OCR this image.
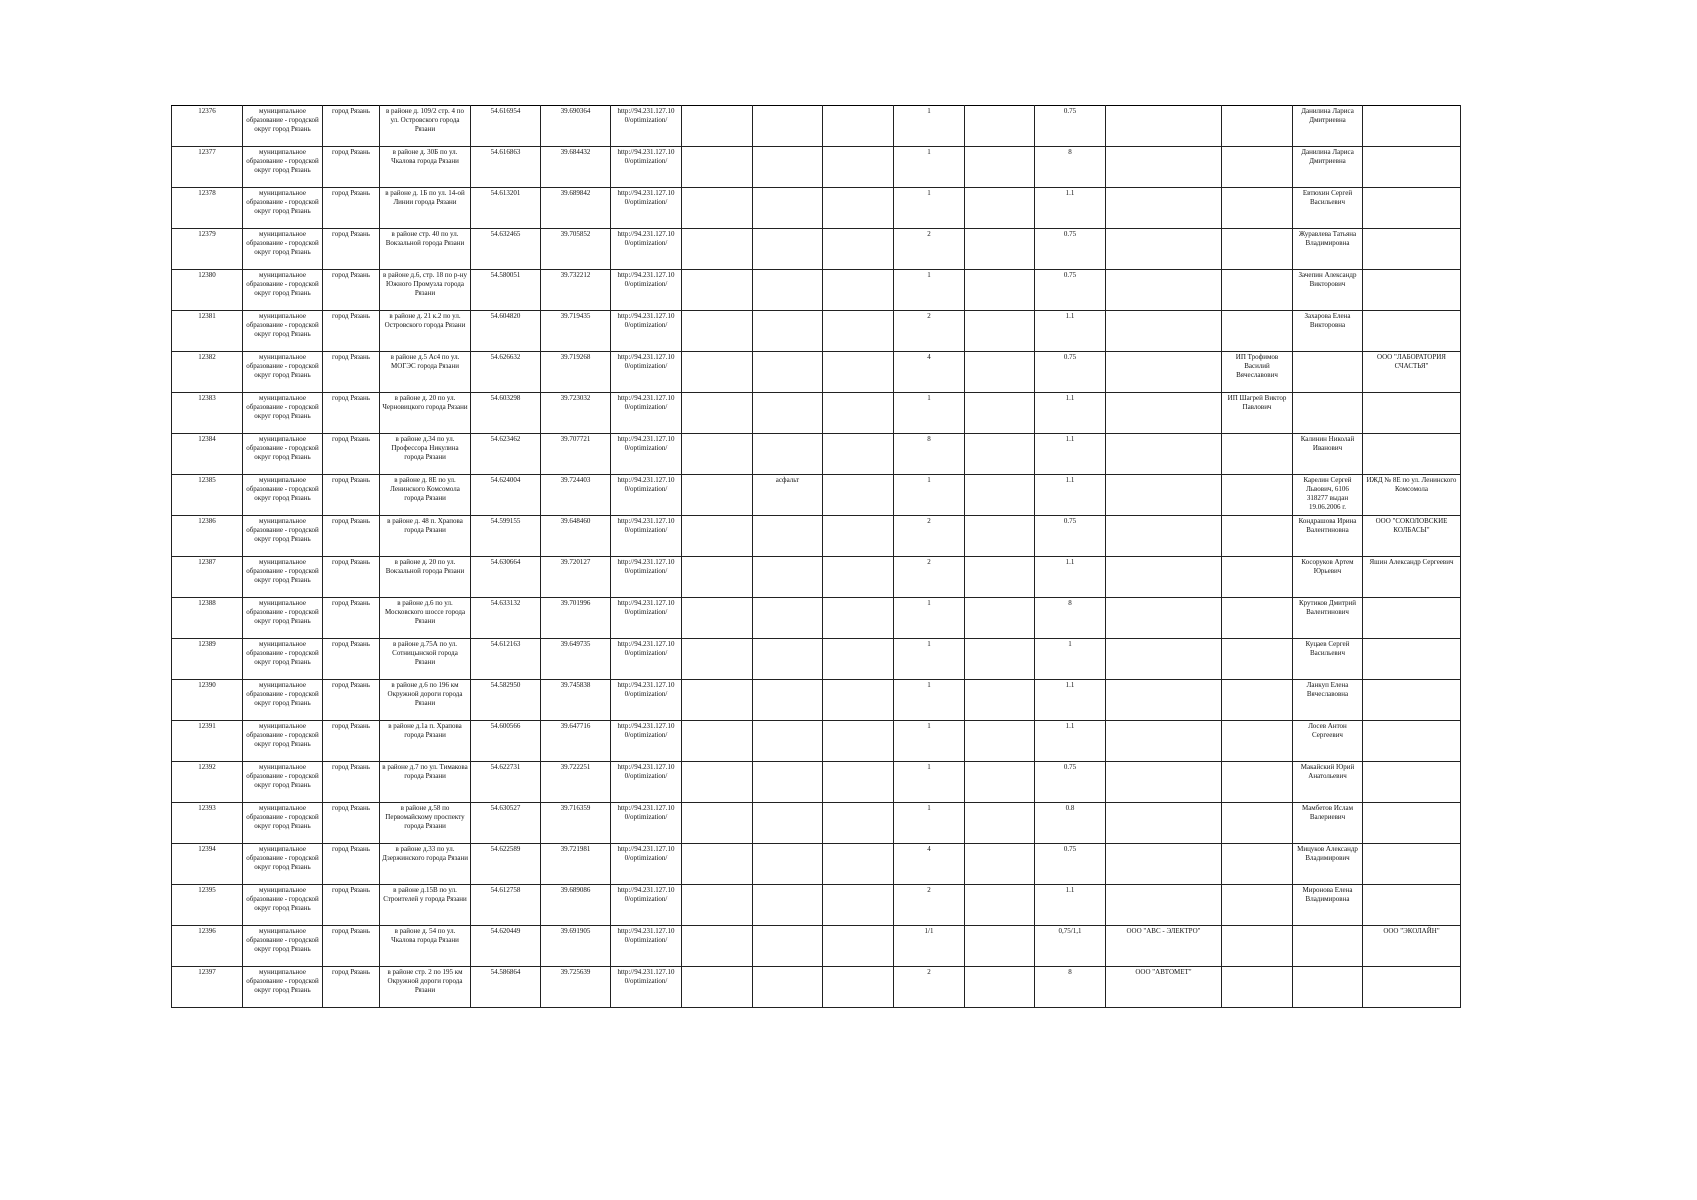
12376	муниципальное образование - городской округ город Рязань	город Рязань	в районе д. 109/2 стр. 4 по ул. Островского города Рязани	54.616954	39.690364	http://94.231.127.10 0/optimization/				1		0.75			Данилина Лариса Дмитриевна	
12377	муниципальное образование - городской округ город Рязань	город Рязань	в районе д. 30Б по ул. Чкалова города Рязани	54.616863	39.684432	http://94.231.127.10 0/optimization/				1		8			Данилина Лариса Дмитриевна	
12378	муниципальное образование - городской округ город Рязань	город Рязань	в районе д. 1Б по ул. 14-ой Линии города Рязани	54.613201	39.689842	http://94.231.127.10 0/optimization/				1		1.1			Евтюхин Сергей Васильевич	
12379	муниципальное образование - городской округ город Рязань	город Рязань	в районе стр. 40 по ул. Вокзальной города Рязани	54.632465	39.705852	http://94.231.127.10 0/optimization/				2		0.75			Журавлева Татьяна Владимировна	
12380	муниципальное образование - городской округ город Рязань	город Рязань	в районе д.6, стр. 18 по р-ну Южного Промузла города Рязани	54.580051	39.732212	http://94.231.127.10 0/optimization/				1		0.75			Зачепин Александр Викторович	
12381	муниципальное образование - городской округ город Рязань	город Рязань	в районе д. 21 к.2 по ул. Островского города Рязани	54.604820	39.719435	http://94.231.127.10 0/optimization/				2		1.1			Захарова Елена Викторовна	
12382	муниципальное образование - городской округ город Рязань	город Рязань	в районе д.5 Ас4 по ул. МОГЭС города Рязани	54.626632	39.719268	http://94.231.127.10 0/optimization/				4		0.75		ИП Трофимов Василий Вячеславович		ООО "ЛАБОРАТОРИЯ СЧАСТЬЯ"
12383	муниципальное образование - городской округ город Рязань	город Рязань	в районе д. 20 по ул. Черновицкого города Рязани	54.603298	39.723032	http://94.231.127.10 0/optimization/				1		1.1		ИП Шагрей Виктор Павлович		
12384	муниципальное образование - городской округ город Рязань	город Рязань	в районе д.34 по ул. Профессора Никулина города Рязани	54.623462	39.707721	http://94.231.127.10 0/optimization/				8		1.1			Калинин Николай Иванович	
12385	муниципальное образование - городской округ город Рязань	город Рязань	в районе д. 8Е по ул. Ленинского Комсомола города Рязани	54.624004	39.724403	http://94.231.127.10 0/optimization/		асфальт		1		1.1			Карелин Сергей Львович, 6106 318277 выдан 19.06.2006 г.	ИЖД № 8Е по ул. Ленинского Комсомола
12386	муниципальное образование - городской округ город Рязань	город Рязань	в районе д. 48 п. Храпова города Рязани	54.599155	39.648460	http://94.231.127.10 0/optimization/				2		0.75			Кондрашова Ирина Валентиновна	ООО "СОКОЛОВСКИЕ КОЛБАСЫ"
12387	муниципальное образование - городской округ город Рязань	город Рязань	в районе д. 20 по ул. Вокзальной города Рязани	54.630664	39.720127	http://94.231.127.10 0/optimization/				2		1.1			Косоруков Артем Юрьевич	Яшин Александр Сергеевич
12388	муниципальное образование - городской округ город Рязань	город Рязань	в районе д.6 по ул. Московского шоссе города Рязани	54.633132	39.701996	http://94.231.127.10 0/optimization/				1		8			Крутиков Дмитрий Валентинович	
12389	муниципальное образование - городской округ город Рязань	город Рязань	в районе д.75А по ул. Сотницынской города Рязани	54.612163	39.649735	http://94.231.127.10 0/optimization/				1		1			Куцаев Сергей Васильевич	
12390	муниципальное образование - городской округ город Рязань	город Рязань	в районе д.6 по 196 км Окружной дороги города Рязани	54.582950	39.745838	http://94.231.127.10 0/optimization/				1		1.1			Ланкуп Елена Вячеславовна	
12391	муниципальное образование - городской округ город Рязань	город Рязань	в районе д.1а п. Храпова города Рязани	54.600566	39.647716	http://94.231.127.10 0/optimization/				1		1.1			Лосев Антон Сергеевич	
12392	муниципальное образование - городской округ город Рязань	город Рязань	в районе д.7 по ул. Тимакова города Рязани	54.622731	39.722251	http://94.231.127.10 0/optimization/				1		0.75			Макайский Юрий Анатольевич	
12393	муниципальное образование - городской округ город Рязань	город Рязань	в районе д.58 по Первомайскому проспекту города Рязани	54.630527	39.716359	http://94.231.127.10 0/optimization/				1		0.8			Мамбетов Ислам Валериевич	
12394	муниципальное образование - городской округ город Рязань	город Рязань	в районе д.33 по ул. Дзержинского города Рязани	54.622589	39.721981	http://94.231.127.10 0/optimization/				4		0.75			Мицуков Александр Владимирович	
12395	муниципальное образование - городской округ город Рязань	город Рязань	в районе д.15В по ул. Строителей у города Рязани	54.612758	39.689086	http://94.231.127.10 0/optimization/				2		1.1			Миронова Елена Владимировна	
12396	муниципальное образование - городской округ город Рязань	город Рязань	в районе д. 54 по ул. Чкалова города Рязани	54.620449	39.691905	http://94.231.127.10 0/optimization/				1/1		0,75/1,1	ООО "АВС - ЭЛЕКТРО"			ООО "ЭКОЛАЙН"
12397	муниципальное образование - городской округ город Рязань	город Рязань	в районе стр. 2 по 195 км Окружной дороги города Рязани	54.586864	39.725639	http://94.231.127.10 0/optimization/				2		8	ООО "АВТОМЕТ"			
